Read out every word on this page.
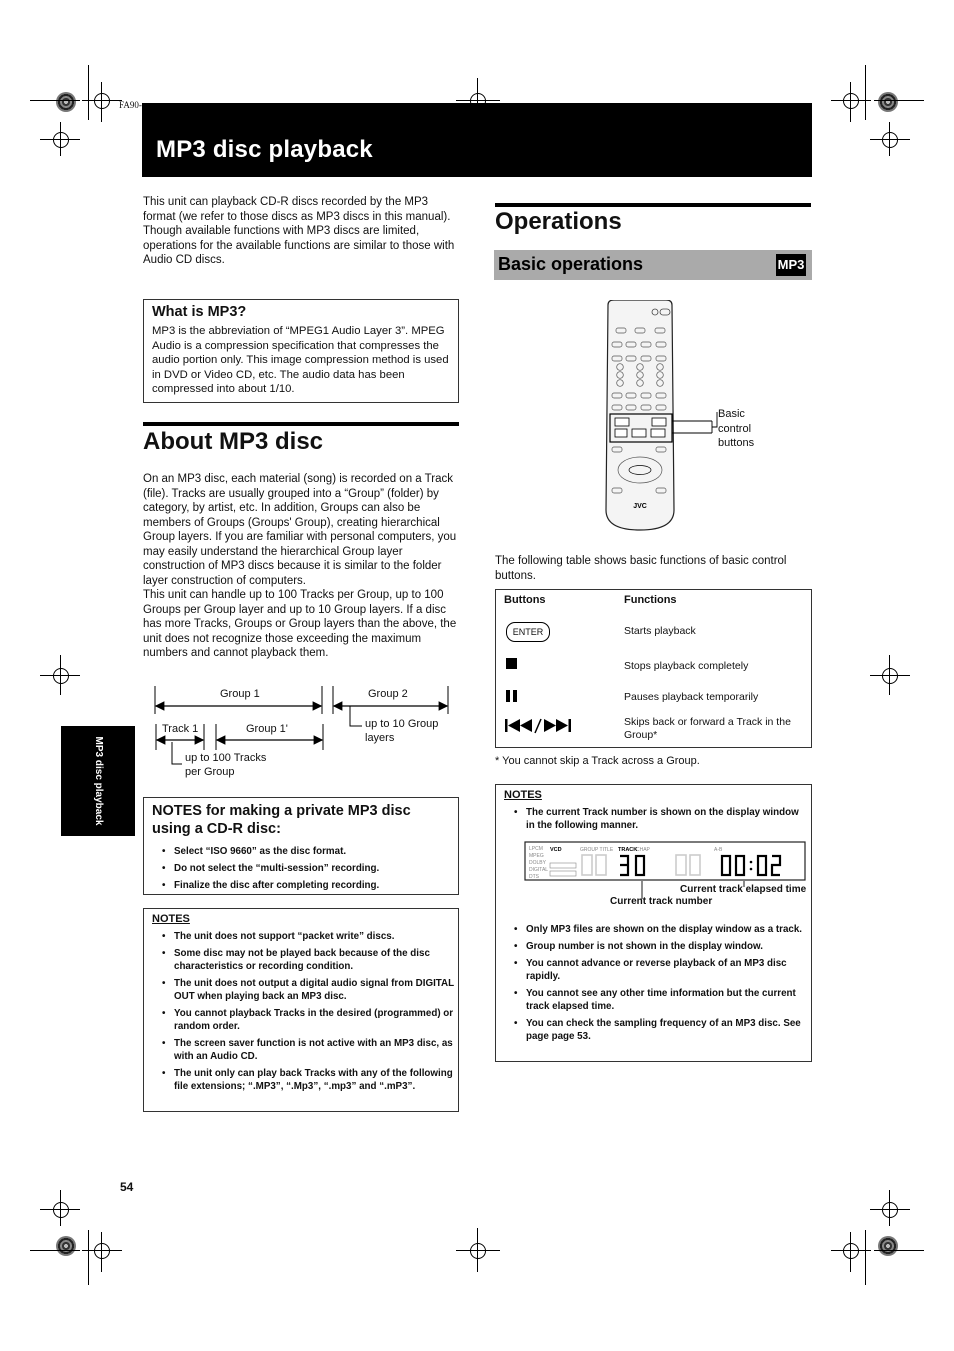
FA90-
MP3 disc playback
This unit can playback CD-R discs recorded by the MP3 format (we refer to those discs as MP3 discs in this manual).
Though available functions with MP3 discs are limited, operations for the available functions are similar to those with Audio CD discs.
What is MP3?
MP3 is the abbreviation of “MPEG1 Audio Layer 3”. MPEG Audio is a compression specification that compresses the audio portion only. This image compression method is used in DVD or Video CD, etc. The audio data has been compressed into about 1/10.
About MP3 disc
On an MP3 disc, each material (song) is recorded on a Track (file). Tracks are usually grouped into a “Group” (folder) by category, by artist, etc. In addition, Groups can also be members of Groups (Groups' Group), creating hierarchical Group layers. If you are familiar with personal computers, you may easily understand the hierarchical Group layer construction of MP3 discs because it is similar to the folder layer construction of computers.
This unit can handle up to 100 Tracks per Group, up to 100 Groups per Group layer and up to 10 Group layers. If a disc has more Tracks, Groups or Group layers than the above, the unit does not recognize those exceeding the maximum numbers and cannot playback them.
Group 1	Group 2
Track 1	Group 1'	up to 10 Group layers
up to 100 Tracks per Group
MP3 disc playback	NOTES for making a private MP3 disc using a CD-R disc:
• Select “ISO 9660” as the disc format.
• Do not select the “multi-session” recording.
• Finalize the disc after completing recording.
NOTES
• The unit does not support “packet write” discs.
• Some disc may not be played back because of the disc characteristics or recording condition.
• The unit does not output a digital audio signal from DIGITAL OUT when playing back an MP3 disc.
• You cannot playback Tracks in the desired (programmed) or random order.
• The screen saver function is not active with an MP3 disc, as with an Audio CD.
• The unit only can play back Tracks with any of the following file extensions; “.MP3”, “.Mp3”, “.mp3” and “.mP3”.
54
Operations
Basic operations	MP3
JVC
Basic control buttons
The following table shows basic functions of basic control buttons.
Buttons	Functions
ENTER	Starts playback
Stops playback completely
Pauses playback temporarily
Skips back or forward a Track in the Group*
* You cannot skip a Track across a Group.
NOTES
• The current Track number is shown on the display window in the following manner.
LPCM
MPEG
DOLBY
DIGITAL
DTS
GROUP TITLE	CHAP	A-B
VCD	TRACK
Current track elapsed time
Current track number
• Only MP3 files are shown on the display window as a track.
• Group number is not shown in the display window.
• You cannot advance or reverse playback of an MP3 disc rapidly.
• You cannot see any other time information but the current track elapsed time.
• You can check the sampling frequency of an MP3 disc. See page page 53.
